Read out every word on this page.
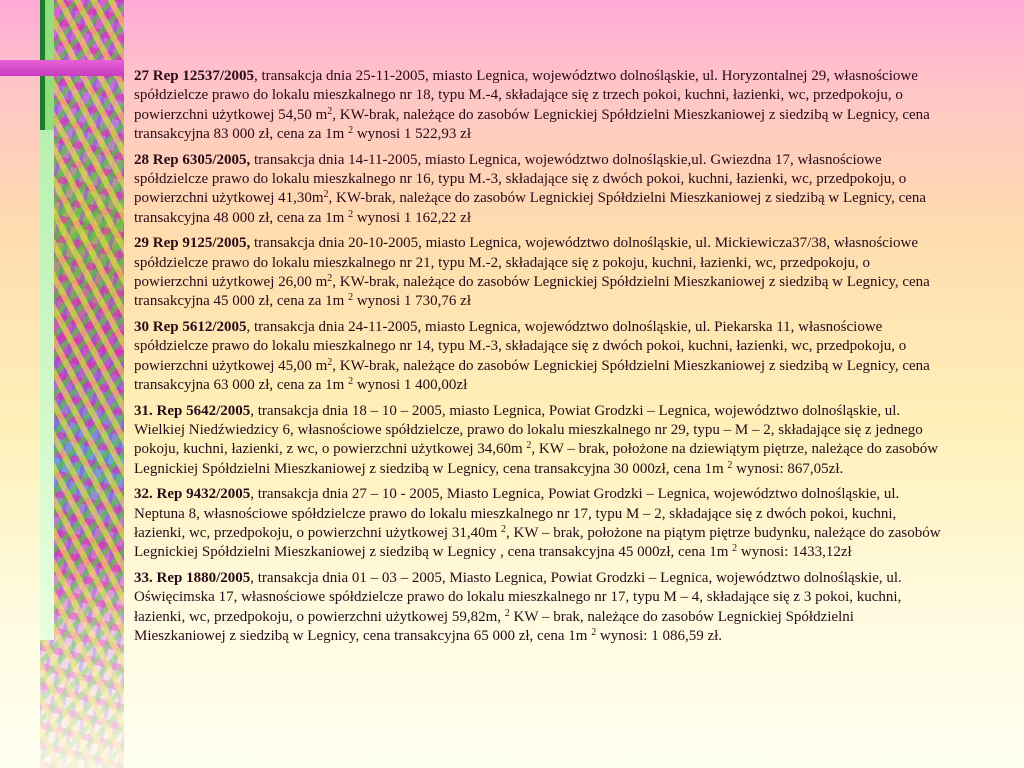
27 Rep 12537/2005, transakcja dnia 25-11-2005, miasto Legnica, województwo dolnośląskie, ul. Horyzontalnej 29, własnościowe spółdzielcze prawo do lokalu mieszkalnego nr 18, typu M.-4, składające się z trzech pokoi, kuchni, łazienki, wc, przedpokoju, o powierzchni użytkowej 54,50 $m^2$, KW-brak, należące do zasobów Legnickiej Spółdzielni Mieszkaniowej z siedzibą w Legnicy, cena transakcyjna 83 000 zł, cena za 1m $^2$ wynosi 1 522,93 zł

28 Rep 6305/2005, transakcja dnia 14-11-2005, miasto Legnica, województwo dolnośląskie,ul. Gwiezdna 17, własnościowe spółdzielcze prawo do lokalu mieszkalnego nr 16, typu M.-3, składające się z dwóch pokoi, kuchni, łazienki, wc, przedpokoju, o powierzchni użytkowej $41,30m^2$, KW-brak, należące do zasobów Legnickiej Spółdzielni Mieszkaniowej z siedzibą w Legnicy, cena transakcyjna 48 000 zł, cena za 1m $^2$ wynosi 1 162,22 zł

29 Rep 9125/2005, transakcja dnia 20-10-2005, miasto Legnica, województwo dolnośląskie, ul. Mickiewicza37/38, własnościowe spółdzielcze prawo do lokalu mieszkalnego nr 21, typu M.-2, składające się z pokoju, kuchni, łazienki, wc, przedpokoju, o powierzchni użytkowej 26,00 $m^2$, KW-brak, należące do zasobów Legnickiej Spółdzielni Mieszkaniowej z siedzibą w Legnicy, cena transakcyjna 45 000 zł, cena za 1m $^2$ wynosi 1 730,76 zł

30 Rep 5612/2005, transakcja dnia 24-11-2005, miasto Legnica, województwo dolnośląskie, ul. Piekarska 11, własnościowe spółdzielcze prawo do lokalu mieszkalnego nr 14, typu M.-3, składające się z dwóch pokoi, kuchni, łazienki, wc, przedpokoju, o powierzchni użytkowej 45,00 $m^2$, KW-brak, należące do zasobów Legnickiej Spółdzielni Mieszkaniowej z siedzibą w Legnicy, cena transakcyjna 63 000 zł, cena za 1m $^2$ wynosi 1 400,00zł

31. Rep 5642/2005, transakcja dnia 18 – 10 – 2005, miasto Legnica, Powiat Grodzki – Legnica, województwo dolnośląskie, ul. Wielkiej Niedźwiedzicy 6, własnościowe spółdzielcze, prawo do lokalu mieszkalnego nr 29, typu – M – 2, składające się z jednego pokoju, kuchni, łazienki, z wc, o powierzchni użytkowej 34,60m $^2$, KW – brak, położone na dziewiątym piętrze, należące do zasobów Legnickiej Spółdzielni Mieszkaniowej z siedzibą w Legnicy, cena transakcyjna 30 000zł, cena 1m $^2$ wynosi: 867,05zł.

32. Rep 9432/2005, transakcja dnia 27 – 10 - 2005, Miasto Legnica, Powiat Grodzki – Legnica, województwo dolnośląskie, ul. Neptuna 8, własnościowe spółdzielcze prawo do lokalu mieszkalnego nr 17, typu M – 2, składające się z dwóch pokoi, kuchni, łazienki, wc, przedpokoju, o powierzchni użytkowej 31,40m $^2$, KW – brak, położone na piątym piętrze budynku, należące do zasobów Legnickiej Spółdzielni Mieszkaniowej z siedzibą w Legnicy , cena transakcyjna 45 000zł, cena 1m $^2$ wynosi: 1433,12zł

33. Rep 1880/2005, transakcja dnia 01 – 03 – 2005, Miasto Legnica, Powiat Grodzki – Legnica, województwo dolnośląskie, ul. Oświęcimska 17, własnościowe spółdzielcze prawo do lokalu mieszkalnego nr 17, typu M – 4, składające się z 3 pokoi, kuchni, łazienki, wc, przedpokoju, o powierzchni użytkowej 59,82m, $^2$ KW – brak, należące do zasobów Legnickiej Spółdzielni Mieszkaniowej z siedzibą w Legnicy, cena transakcyjna 65 000 zł, cena 1m $^2$ wynosi: 1 086,59 zł.
